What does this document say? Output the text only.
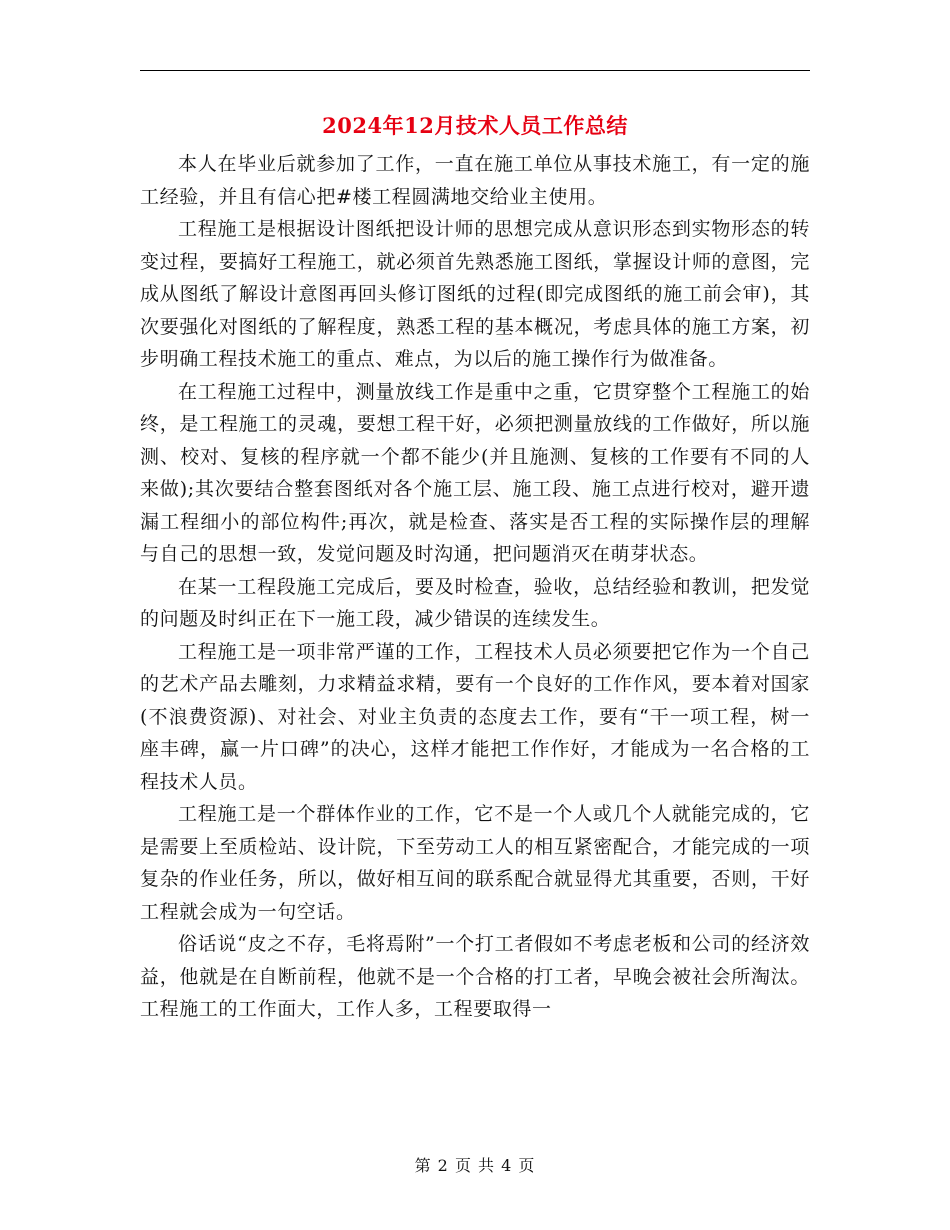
2024年12月技术人员工作总结

本人在毕业后就参加了工作，一直在施工单位从事技术施工，有一定的施工经验，并且有信心把#楼工程圆满地交给业主使用。

工程施工是根据设计图纸把设计师的思想完成从意识形态到实物形态的转变过程，要搞好工程施工，就必须首先熟悉施工图纸，掌握设计师的意图，完成从图纸了解设计意图再回头修订图纸的过程(即完成图纸的施工前会审)，其次要强化对图纸的了解程度，熟悉工程的基本概况，考虑具体的施工方案，初步明确工程技术施工的重点、难点，为以后的施工操作行为做准备。

在工程施工过程中，测量放线工作是重中之重，它贯穿整个工程施工的始终，是工程施工的灵魂，要想工程干好，必须把测量放线的工作做好，所以施测、校对、复核的程序就一个都不能少(并且施测、复核的工作要有不同的人来做);其次要结合整套图纸对各个施工层、施工段、施工点进行校对，避开遗漏工程细小的部位构件;再次，就是检查、落实是否工程的实际操作层的理解与自己的思想一致，发觉问题及时沟通，把问题消灭在萌芽状态。

在某一工程段施工完成后，要及时检查，验收，总结经验和教训，把发觉的问题及时纠正在下一施工段，减少错误的连续发生。

工程施工是一项非常严谨的工作，工程技术人员必须要把它作为一个自己的艺术产品去雕刻，力求精益求精，要有一个良好的工作作风，要本着对国家(不浪费资源)、对社会、对业主负责的态度去工作，要有“干一项工程，树一座丰碑，赢一片口碑”的决心，这样才能把工作作好，才能成为一名合格的工程技术人员。

工程施工是一个群体作业的工作，它不是一个人或几个人就能完成的，它是需要上至质检站、设计院，下至劳动工人的相互紧密配合，才能完成的一项复杂的作业任务，所以，做好相互间的联系配合就显得尤其重要，否则，干好工程就会成为一句空话。

俗话说“皮之不存，毛将焉附”一个打工者假如不考虑老板和公司的经济效益，他就是在自断前程，他就不是一个合格的打工者，早晚会被社会所淘汰。工程施工的工作面大，工作人多，工程要取得一

第 2 页 共 4 页
